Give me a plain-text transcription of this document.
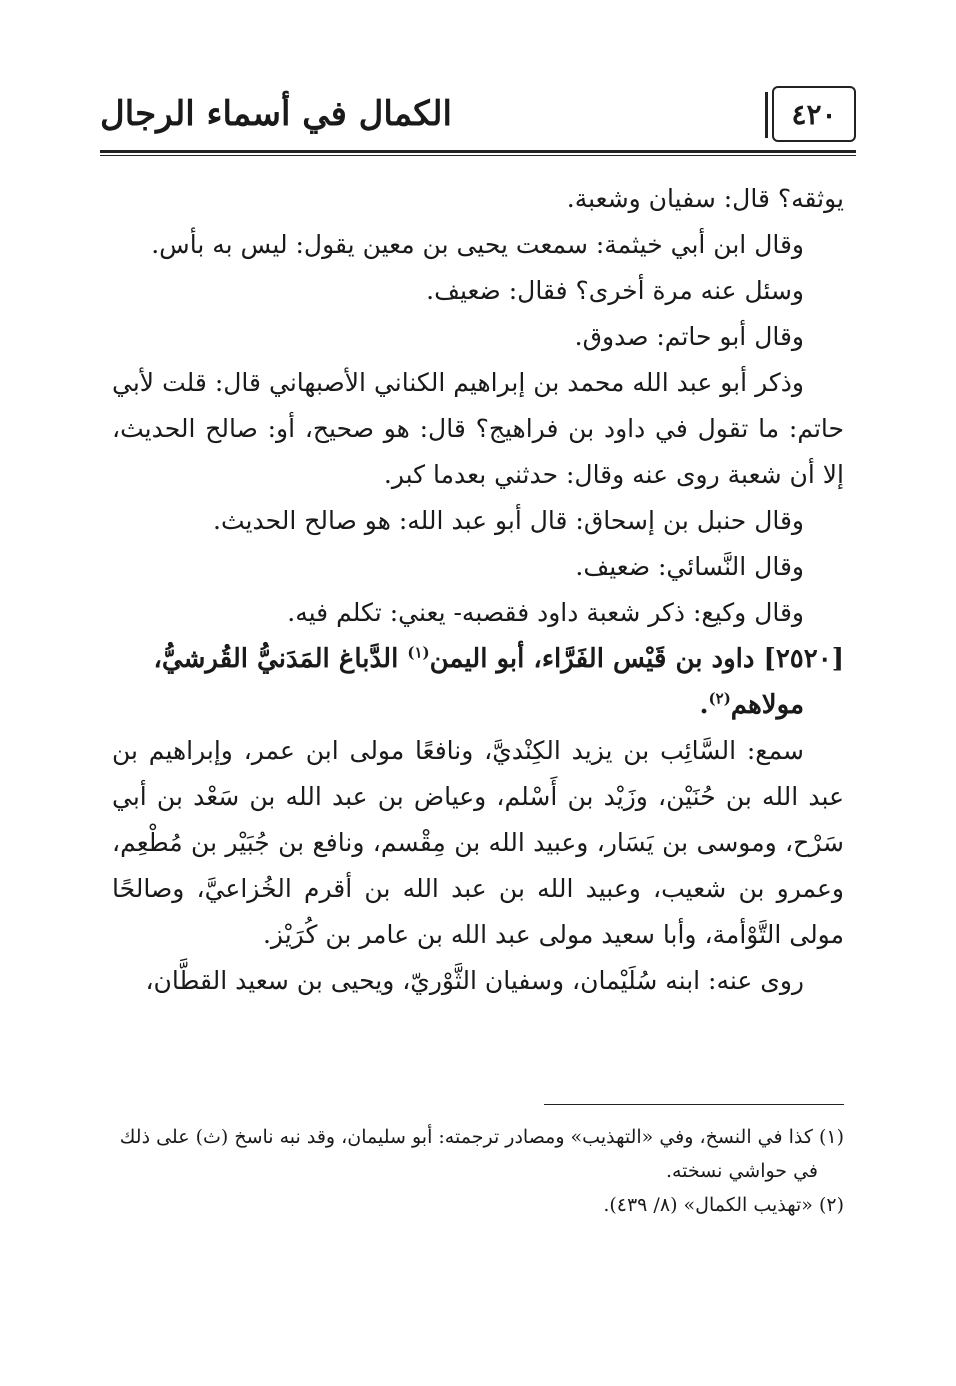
الكمال في أسماء الرجال	٤٢٠

يوثقه؟ قال: سفيان وشعبة.

وقال ابن أبي خيثمة: سمعت يحيى بن معين يقول: ليس به بأس.

وسئل عنه مرة أخرى؟ فقال: ضعيف.

وقال أبو حاتم: صدوق.

وذكر أبو عبد الله محمد بن إبراهيم الكناني الأصبهاني قال: قلت لأبي حاتم: ما تقول في داود بن فراهيج؟ قال: هو صحيح، أو: صالح الحديث، إلا أن شعبة روى عنه وقال: حدثني بعدما كبر.

وقال حنبل بن إسحاق: قال أبو عبد الله: هو صالح الحديث.

وقال النَّسائي: ضعيف.

وقال وكيع: ذكر شعبة داود فقصبه- يعني: تكلم فيه.

[٢٥٢٠] داود بن قَيْس الفَرَّاء، أبو اليمن$^{(١)}$ الدَّباغ المَدَنيُّ القُرشيُّ،
مولاهم$^{(٢)}$.

سمع: السَّائِب بن يزيد الكِنْديَّ، ونافعًا مولى ابن عمر، وإبراهيم بن عبد الله بن حُنَيْن، وزَيْد بن أَسْلم، وعياض بن عبد الله بن سَعْد بن أبي سَرْح، وموسى بن يَسَار، وعبيد الله بن مِقْسم، ونافع بن جُبَيْر بن مُطْعِم، وعمرو بن شعيب، وعبيد الله بن عبد الله بن أقرم الخُزاعيَّ، وصالحًا مولى التَّوْأمة، وأبا سعيد مولى عبد الله بن عامر بن كُرَيْز.

روى عنه: ابنه سُلَيْمان، وسفيان الثَّوْريّ، ويحيى بن سعيد القطَّان،

(١) كذا في النسخ، وفي «التهذيب» ومصادر ترجمته: أبو سليمان، وقد نبه ناسخ (ث) على ذلك
في حواشي نسخته.

(٢) «تهذيب الكمال» (٨/ ٤٣٩).
